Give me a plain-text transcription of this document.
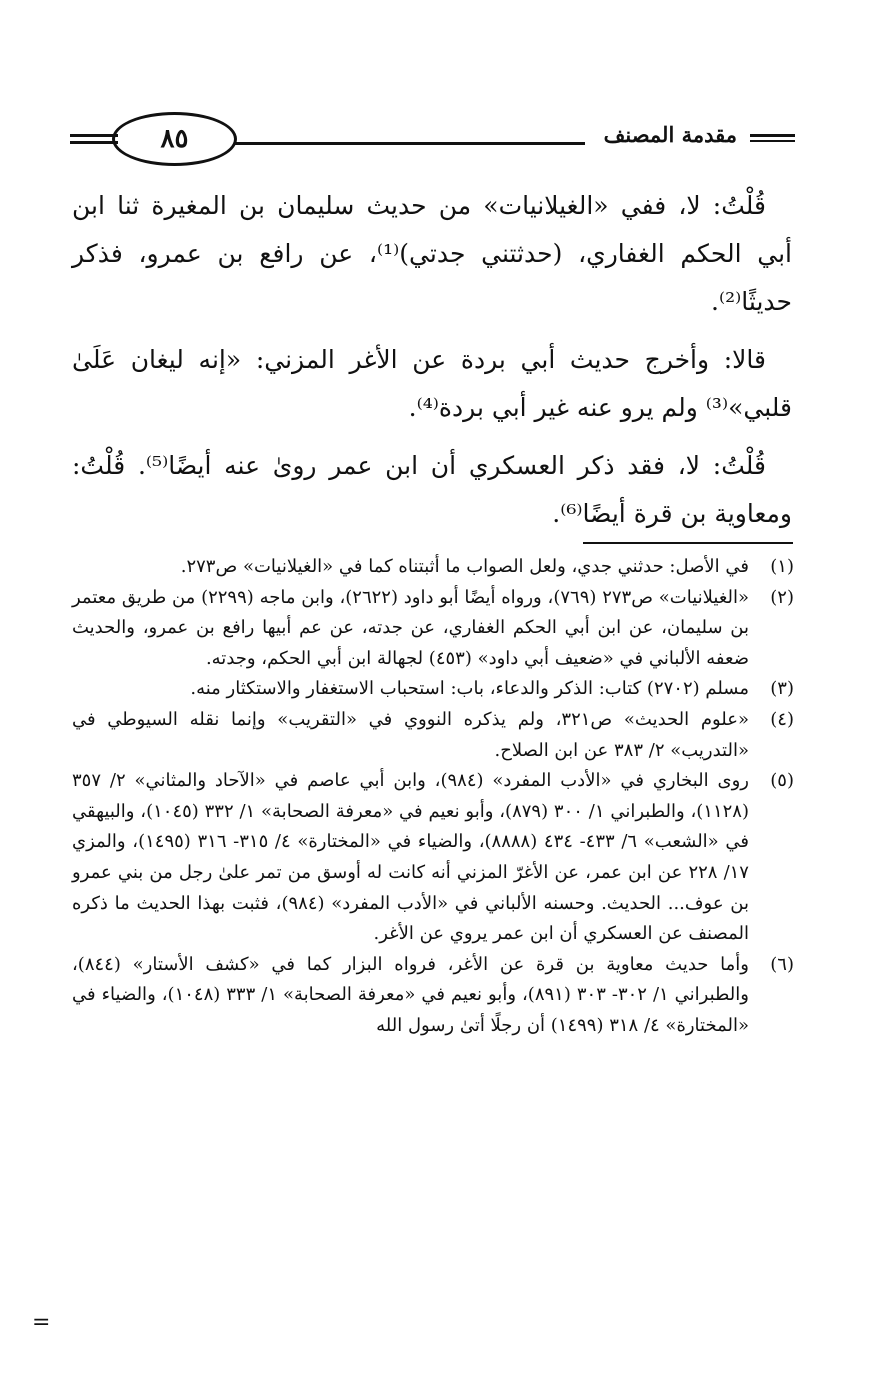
مقدمة المصنف
٨٥

قُلْتُ: لا، ففي «الغيلانيات» من حديث سليمان بن المغيرة ثنا ابن أبي الحكم الغفاري، (حدثتني جدتي)⁽¹⁾، عن رافع بن عمرو، فذكر حديثًا⁽²⁾.

قالا: وأخرج حديث أبي بردة عن الأغر المزني: «إنه ليغان عَلَىٰ قلبي»⁽³⁾ ولم يرو عنه غير أبي بردة⁽⁴⁾.

قُلْتُ: لا، فقد ذكر العسكري أن ابن عمر روىٰ عنه أيضًا⁽⁵⁾. قُلْتُ: ومعاوية بن قرة أيضًا⁽⁶⁾.

(١)
في الأصل: حدثني جدي، ولعل الصواب ما أثبتناه كما في «الغيلانيات» ص٢٧٣.
(٢)
«الغيلانيات» ص٢٧٣ (٧٦٩)، ورواه أيضًا أبو داود (٢٦٢٢)، وابن ماجه (٢٢٩٩) من طريق معتمر بن سليمان، عن ابن أبي الحكم الغفاري، عن جدته، عن عم أبيها رافع بن عمرو، والحديث ضعفه الألباني في «ضعيف أبي داود» (٤٥٣) لجهالة ابن أبي الحكم، وجدته.
(٣)
مسلم (٢٧٠٢) كتاب: الذكر والدعاء، باب: استحباب الاستغفار والاستكثار منه.
(٤)
«علوم الحديث» ص٣٢١، ولم يذكره النووي في «التقريب» وإنما نقله السيوطي في «التدريب» ٢/ ٣٨٣ عن ابن الصلاح.
(٥)
روى البخاري في «الأدب المفرد» (٩٨٤)، وابن أبي عاصم في «الآحاد والمثاني» ٢/ ٣٥٧ (١١٢٨)، والطبراني ١/ ٣٠٠ (٨٧٩)، وأبو نعيم في «معرفة الصحابة» ١/ ٣٣٢ (١٠٤٥)، والبيهقي في «الشعب» ٦/ ٤٣٣- ٤٣٤ (٨٨٨٨)، والضياء في «المختارة» ٤/ ٣١٥- ٣١٦ (١٤٩٥)، والمزي ١٧/ ٢٢٨ عن ابن عمر، عن الأغرّ المزني أنه كانت له أوسق من تمر علىٰ رجل من بني عمرو بن عوف... الحديث. وحسنه الألباني في «الأدب المفرد» (٩٨٤)، فثبت بهذا الحديث ما ذكره المصنف عن العسكري أن ابن عمر يروي عن الأغر.
(٦)
وأما حديث معاوية بن قرة عن الأغر، فرواه البزار كما في «كشف الأستار» (٨٤٤)، والطبراني ١/ ٣٠٢- ٣٠٣ (٨٩١)، وأبو نعيم في «معرفة الصحابة» ١/ ٣٣٣ (١٠٤٨)، والضياء في «المختارة» ٤/ ٣١٨ (١٤٩٩) أن رجلًا أتىٰ رسول الله
=
